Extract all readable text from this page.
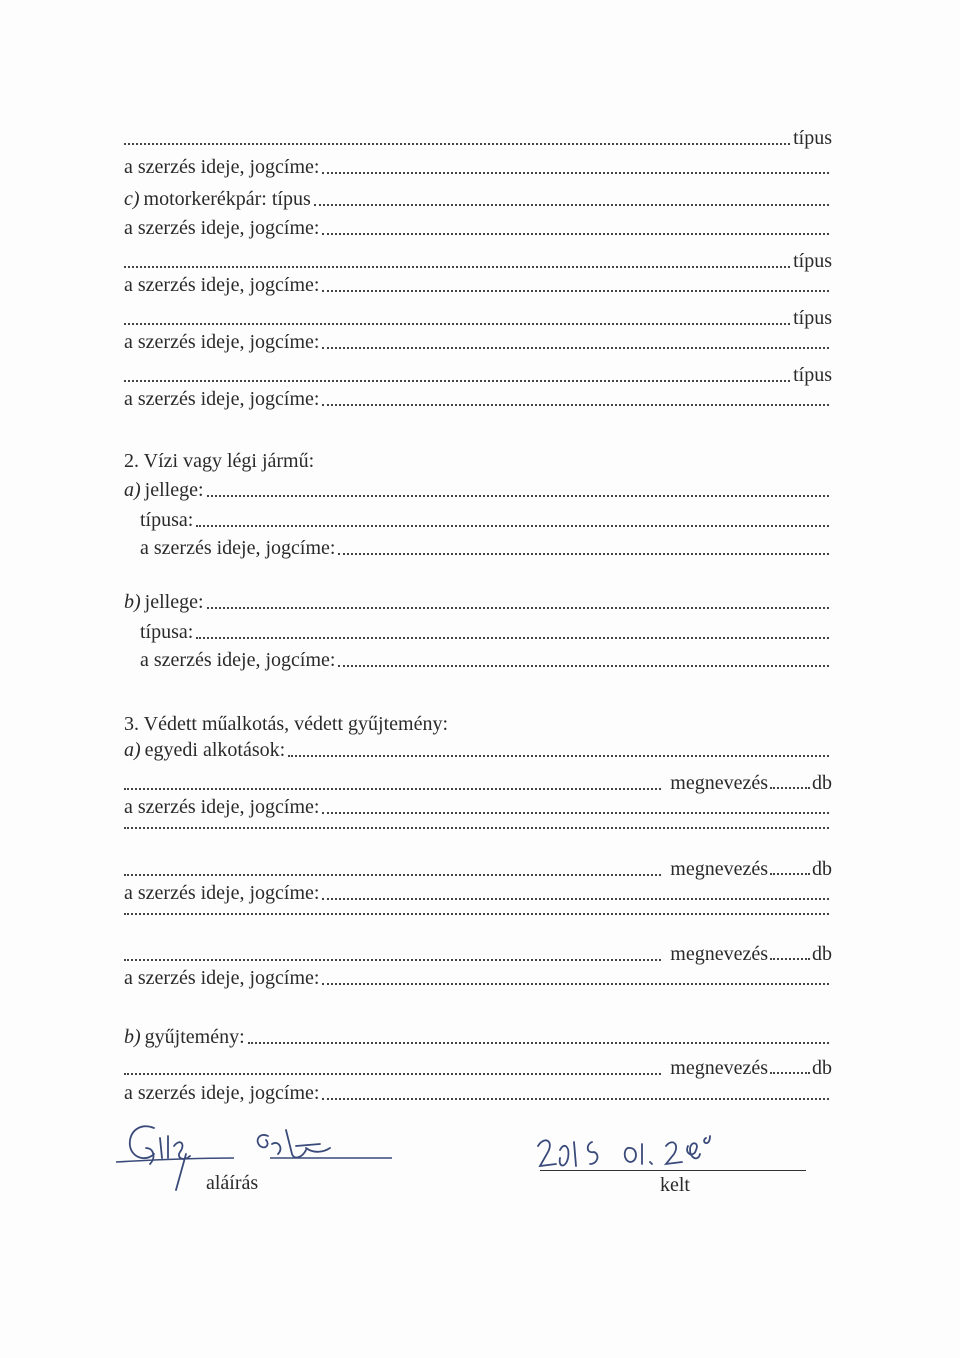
típus
a szerzés ideje, jogcíme:
c) motorkerékpár: típus
a szerzés ideje, jogcíme:
típus
a szerzés ideje, jogcíme:
típus
a szerzés ideje, jogcíme:
típus
a szerzés ideje, jogcíme:
2. Vízi vagy légi jármű:
a) jellege:
típusa:
a szerzés ideje, jogcíme:
b) jellege:
típusa:
a szerzés ideje, jogcíme:
3. Védett műalkotás, védett gyűjtemény:
a) egyedi alkotások:
megnevezés db
a szerzés ideje, jogcíme:
megnevezés db
a szerzés ideje, jogcíme:
megnevezés db
a szerzés ideje, jogcíme:
b) gyűjtemény:
megnevezés db
a szerzés ideje, jogcíme:
aláírás	kelt
